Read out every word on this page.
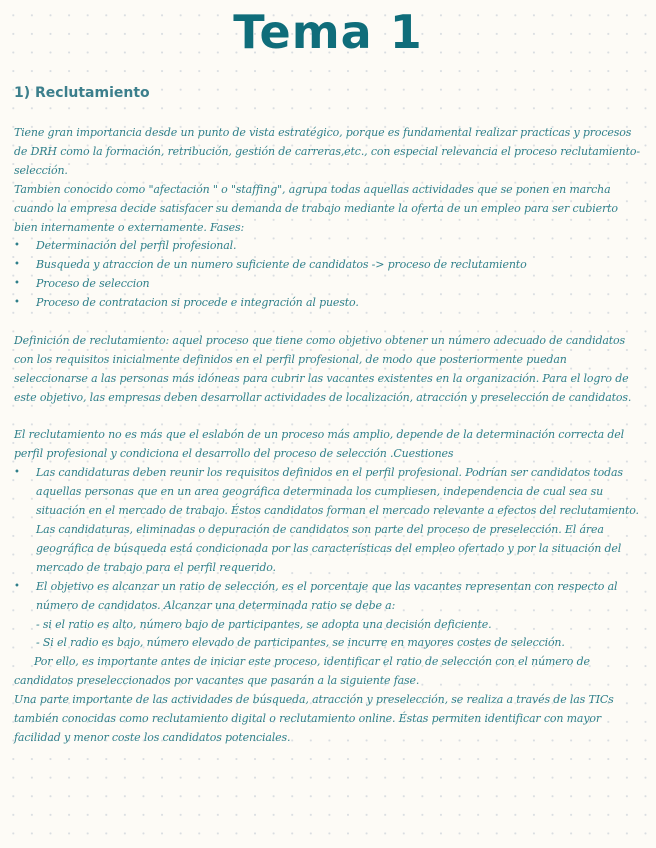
Tema 1
1) Reclutamiento

Tiene gran importancia desde un punto de vista estratégico, porque es fundamental realizar practicas y procesos de DRH como la formación, retribución, gestión de carreras,etc., con especial relevancia el proceso reclutamiento-selección.

Tambien conocido como "afectación " o "staffing", agrupa todas aquellas actividades que se ponen en marcha cuando la empresa decide satisfacer su demanda de trabajo mediante la oferta de un empleo para ser cubierto bien internamente o externamente. Fases:

• Determinación del perfil profesional.
• Busqueda y atraccion de un numero suficiente de candidatos -> proceso de reclutamiento
• Proceso de seleccion
• Proceso de contratacion si procede e integración al puesto.

Definición de reclutamiento: aquel proceso que tiene como objetivo obtener un número adecuado de candidatos con los requisitos inicialmente definidos en el perfil profesional, de modo que posteriormente puedan seleccionarse a las personas más idóneas para cubrir las vacantes existentes en la organización. Para el logro de este objetivo, las empresas deben desarrollar actividades de localización, atracción y preselección de candidatos.

El reclutamiento no es más que el eslabón de un proceso más amplio, depende de la determinación correcta del perfil profesional y condiciona el desarrollo del proceso de selección .Cuestiones

• Las candidaturas deben reunir los requisitos definidos en el perfil profesional. Podrían ser candidatos todas aquellas personas que en un area geográfica determinada los cumpliesen, independencia de cual sea su situación en el mercado de trabajo. Éstos candidatos forman el mercado relevante a efectos del reclutamiento. Las candidaturas, eliminadas o depuración de candidatos son parte del proceso de preselección. El área geográfica de búsqueda está condicionada por las características del empleo ofertado y por la situación del mercado de trabajo para el perfil requerido.
• El objetivo es alcanzar un ratio de selección, es el porcentaje que las vacantes representan con respecto al número de candidatos. Alcanzar una determinada ratio se debe a:

- si el ratio es alto, número bajo de participantes, se adopta una decisión deficiente.

- Si el radio es bajo, número elevado de participantes, se incurre en mayores costes de selección.

Por ello, es importante antes de iniciar este proceso, identificar el ratio de selección con el número de candidatos preseleccionados por vacantes que pasarán a la siguiente fase.

Una parte importante de las actividades de búsqueda, atracción y preselección, se realiza a través de las TICs también conocidas como reclutamiento digital o reclutamiento online. Éstas permiten identificar con mayor facilidad y menor coste los candidatos potenciales.
